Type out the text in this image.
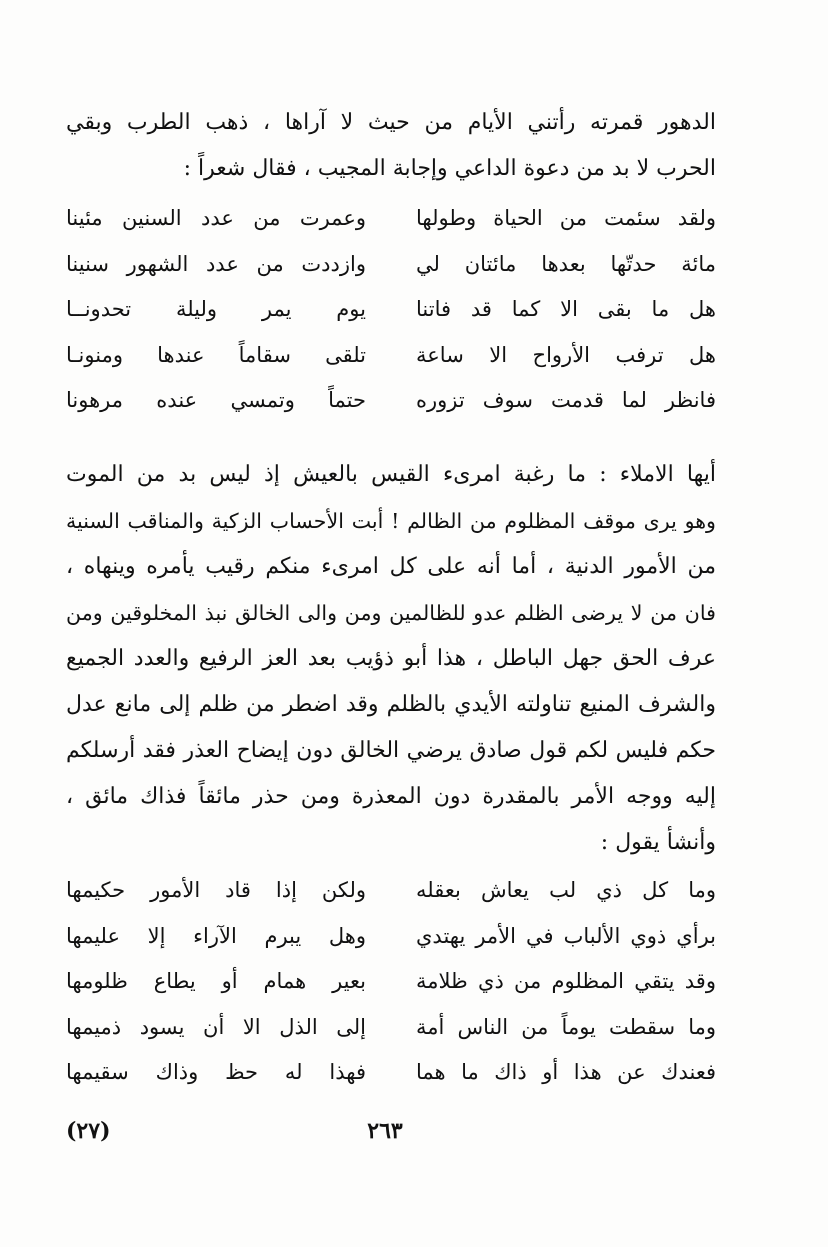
الدهور قمرته رأتني الأيام من حيث لا آراها ، ذهب الطرب وبقي
الحرب لا بد من دعوة الداعي وإجابة المجيب ، فقال شعراً :
ولقد سئمت من الحياة وطولها
وعمرت من عدد السنين مئينا
مائة حدتّها بعدها مائتان لي
وازددت من عدد الشهور سنينا
هل ما بقى الا كما قد فاتنا
يوم يمر وليلة تحدونــا
هل ترفب الأرواح الا ساعة
تلقى سقاماً عندها ومنونـا
فانظر لما قدمت سوف تزوره
حتماً وتمسي عنده مرهونا
أيها الاملاء : ما رغبة امرىء القيس بالعيش إذ ليس بد من الموت
وهو يرى موقف المظلوم من الظالم ! أبت الأحساب الزكية والمناقب السنية
من الأمور الدنية ، أما أنه على كل امرىء منكم رقيب يأمره وينهاه ،
فان من لا يرضى الظلم عدو للظالمين ومن والى الخالق نبذ المخلوقين ومن
عرف الحق جهل الباطل ، هذا أبو ذؤيب بعد العز الرفيع والعدد الجميع
والشرف المنيع تناولته الأيدي بالظلم وقد اضطر من ظلم إلى مانع عدل
حكم فليس لكم قول صادق يرضي الخالق دون إيضاح العذر فقد أرسلكم
إليه ووجه الأمر بالمقدرة دون المعذرة ومن حذر مائقاً فذاك مائق ،
وأنشأ يقول :
وما كل ذي لب يعاش بعقله
ولكن إذا قاد الأمور حكيمها
برأي ذوي الألباب في الأمر يهتدي
وهل يبرم الآراء إلا عليمها
وقد يتقي المظلوم من ذي ظلامة
بعير همام أو يطاع ظلومها
وما سقطت يوماً من الناس أمة
إلى الذل الا أن يسود ذميمها
فعندك عن هذا أو ذاك ما هما
فهذا له حظ وذاك سقيمها
(٢٧)	٢٦٣
